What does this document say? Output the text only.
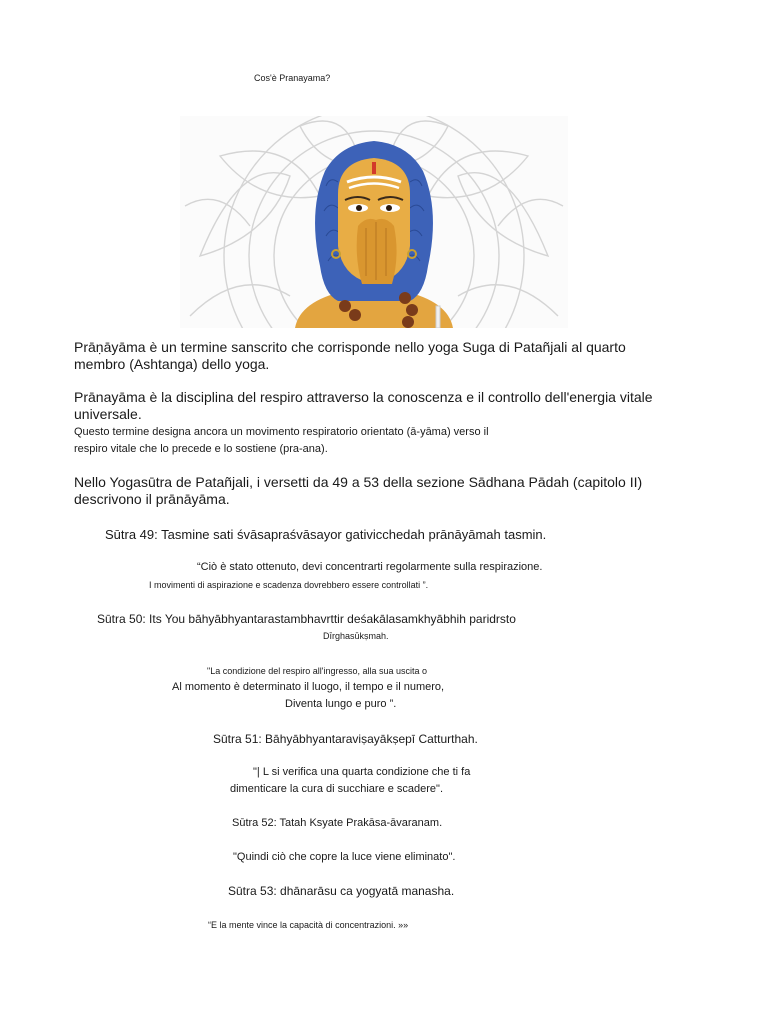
Cos'è Pranayama?
Prāṇāyāma è un termine sanscrito che corrisponde nello yoga Suga di Patañjali al quarto membro (Ashtanga) dello yoga.
Prānayāma è la disciplina del respiro attraverso la conoscenza e il controllo dell'energia vitale universale.
Questo termine designa ancora un movimento respiratorio orientato (ā-yāma) verso il
respiro vitale che lo precede e lo sostiene (pra-ana).
Nello Yogasūtra de Patañjali, i versetti da 49 a 53 della sezione Sādhana Pādah (capitolo II) descrivono il prānāyāma.
Sūtra 49: Tasmine sati śvāsapraśvāsayor gativicchedah prānāyāmah tasmin.
“Ciò è stato ottenuto, devi concentrarti regolarmente sulla respirazione.
I movimenti di aspirazione e scadenza dovrebbero essere controllati ”.
Sūtra 50: Its You bāhyābhyantarastambhavrttir deśakālasamkhyābhih paridrsto
Dīrghasūkṣmah.
"La condizione del respiro all'ingresso, alla sua uscita o
Al momento è determinato il luogo, il tempo e il numero,
Diventa lungo e puro ”.
Sūtra 51: Bāhyābhyantaraviṣayākṣepī Catturthah.
"| L si verifica una quarta condizione che ti fa
dimenticare la cura di succhiare e scadere".
Sūtra 52: Tatah Ksyate Prakāsa-āvaranam.
"Quindi ciò che copre la luce viene eliminato".
Sūtra 53: dhānarāsu ca yogyatā manasha.
“E la mente vince la capacità di concentrazioni. »»
